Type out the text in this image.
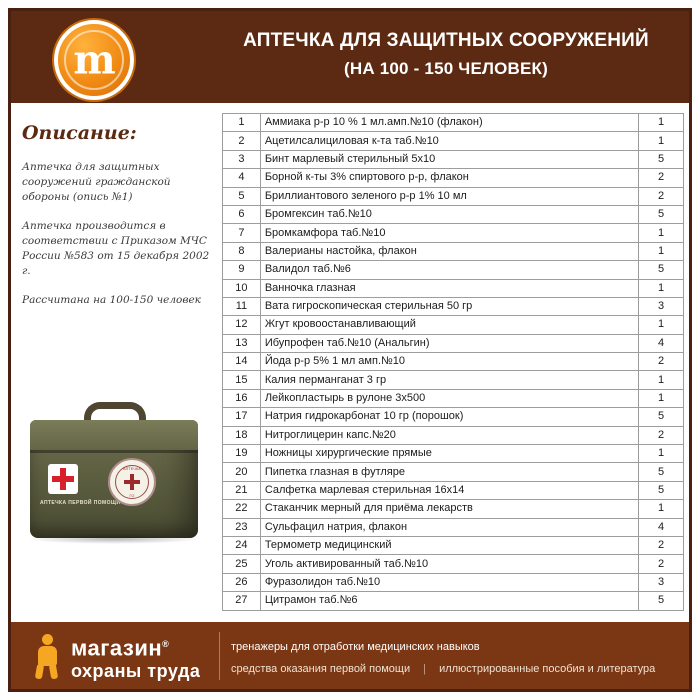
АПТЕЧКА ДЛЯ ЗАЩИТНЫХ СООРУЖЕНИЙ
(НА 100 - 150 ЧЕЛОВЕК)
m
Описание:

Аптечка для защитных сооружений гражданской обороны (опись №1)

Аптечка производится в соответствии с Приказом МЧС России №583 от 15 декабря 2002 г.

Рассчитана на 100-150 человек

АПТЕЧКА ПЕРВОЙ ПОМОЩИ
АПТЕЧКА
ГО
1	Аммиака р-р 10 % 1 мл.амп.№10 (флакон)	1
2	Ацетилсалициловая к-та таб.№10	1
3	Бинт марлевый стерильный 5х10	5
4	Борной к-ты 3% спиртового р-р, флакон	2
5	Бриллиантового зеленого р-р 1% 10 мл	2
6	Бромгексин таб.№10	5
7	Бромкамфора таб.№10	1
8	Валерианы настойка, флакон	1
9	Валидол таб.№6	5
10	Ванночка глазная	1
11	Вата гигроскопическая стерильная 50 гр	3
12	Жгут кровоостанавливающий	1
13	Ибупрофен таб.№10 (Анальгин)	4
14	Йода р-р 5% 1 мл амп.№10	2
15	Калия перманганат 3 гр	1
16	Лейкопластырь в рулоне 3х500	1
17	Натрия гидрокарбонат 10 гр (порошок)	5
18	Нитроглицерин капс.№20	2
19	Ножницы хирургические прямые	1
20	Пипетка глазная в футляре	5
21	Салфетка марлевая стерильная 16х14	5
22	Стаканчик мерный для приёма лекарств	1
23	Сульфацил натрия, флакон	4
24	Термометр медицинский	2
25	Уголь активированный таб.№10	2
26	Фуразолидон таб.№10	3
27	Цитрамон таб.№6	5
магазин®
охраны труда
тренажеры для отработки медицинских навыков
средства оказания первой помощи | иллюстрированные пособия и литература
